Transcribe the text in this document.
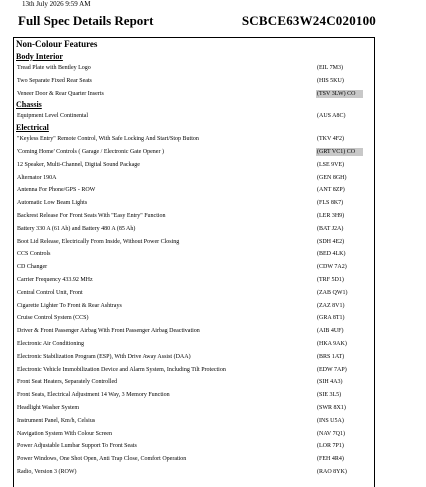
13th July 2026 9:59 AM
Full Spec Details Report	SCBCE63W24C020100
Non-Colour Features
Body Interior
Tread Plate with Bentley Logo	(EIL 7M3)
Two Separate Fixed Rear Seats	(HIS 5KU)
Veneer Door & Rear Quarter Inserts	(TSV 3LW) CO
Chassis
Equipment Level Continental	(AUS A8C)
Electrical
"Keyless Entry" Remote Control, With Safe Locking And Start/Stop Button	(TKV 4F2)
'Coming Home' Controls ( Garage / Electronic Gate Opener )	(GRT VC1) CO
12 Speaker, Multi-Channel, Digital Sound Package	(LSE 9VE)
Alternator 190A	(GEN 8GH)
Antenna For Phone/GPS - ROW	(ANT 8ZP)
Automatic Low Beam Lights	(FLS 8K7)
Backrest Release For Front Seats With "Easy Entry" Function	(LER 3H9)
Battery 330 A (61 Ah) and Battery 480 A (85 Ah)	(BAT J2A)
Boot Lid Release, Electrically From Inside, Without Power Closing	(SDH 4E2)
CCS Controls	(BED 4LK)
CD Changer	(CDW 7A2)
Carrier Frequency 433.92 MHz	(TRF 5D1)
Central Control Unit, Front	(ZAB QW1)
Cigarette Lighter To Front & Rear Ashtrays	(ZAZ 8V1)
Cruise Control System (CCS)	(GRA 8T1)
Driver & Front Passenger Airbag With Front Passenger Airbag Deactivation	(AIB 4UF)
Electronic Air Conditioning	(HKA 9AK)
Electronic Stabilization Program (ESP), With Drive Away Assist (DAA)	(BRS 1AT)
Electronic Vehicle Immobilization Device and Alarm System, Including Tilt Protection	(EDW 7AP)
Front Seat Heaters, Separately Controlled	(SIH 4A3)
Front Seats, Electrical Adjustment 14 Way, 3 Memory Function	(SIE 3L5)
Headlight Washer System	(SWR 8X1)
Instrument Panel, Km/h, Celsius	(INS U5A)
Navigation System With Colour Screen	(NAV 7Q1)
Power Adjustable Lumbar Support To Front Seats	(LOR 7P1)
Power Windows, One Shot Open, Anti Trap Close, Comfort Operation	(FEH 4R4)
Radio, Version 3 (ROW)	(RAO 8YK)
